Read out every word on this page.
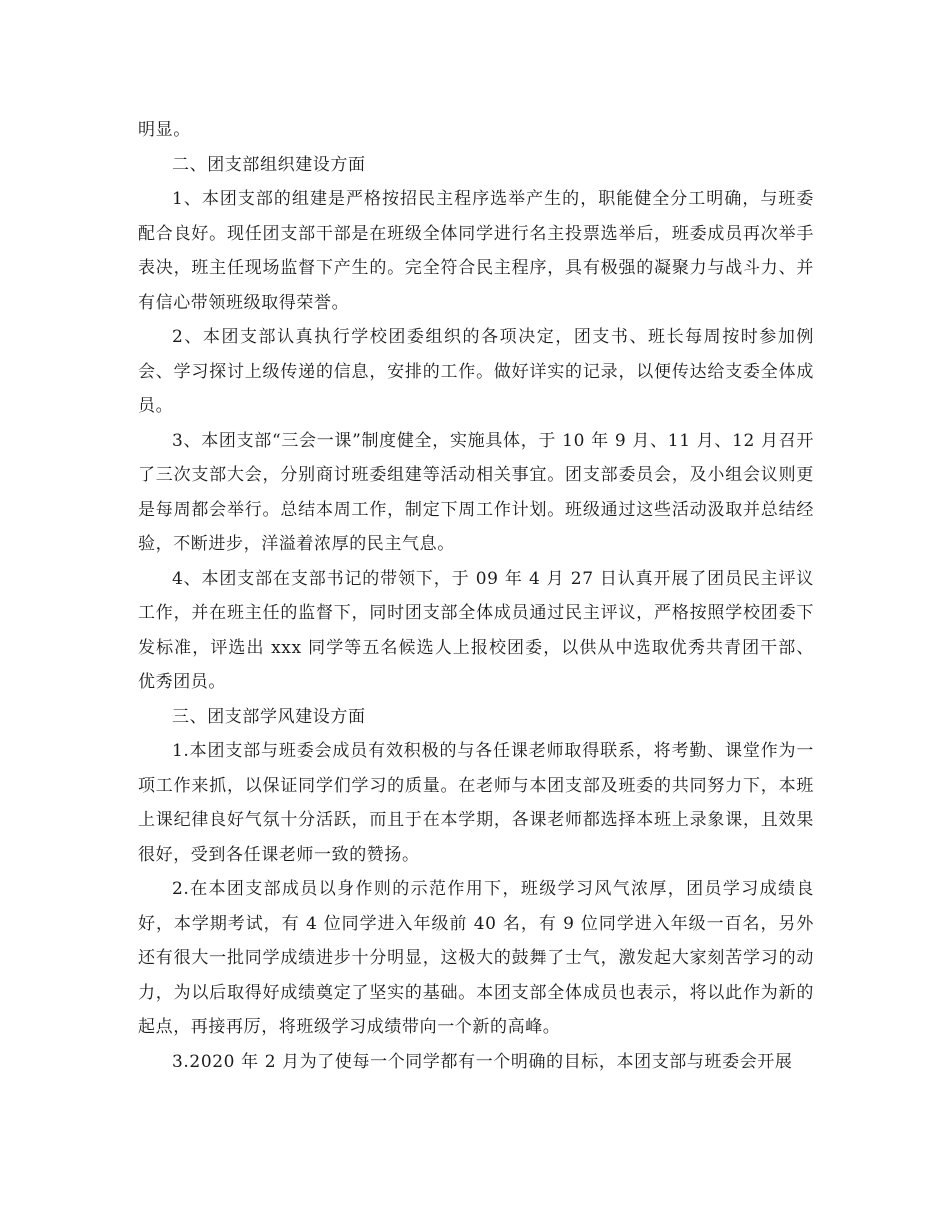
明显。

二、团支部组织建设方面

1、本团支部的组建是严格按招民主程序选举产生的，职能健全分工明确，与班委配合良好。现任团支部干部是在班级全体同学进行名主投票选举后，班委成员再次举手表决，班主任现场监督下产生的。完全符合民主程序，具有极强的凝聚力与战斗力、并有信心带领班级取得荣誉。

2、本团支部认真执行学校团委组织的各项决定，团支书、班长每周按时参加例会、学习探讨上级传递的信息，安排的工作。做好详实的记录，以便传达给支委全体成员。

3、本团支部“三会一课”制度健全，实施具体，于 10 年 9 月、11 月、12 月召开了三次支部大会，分别商讨班委组建等活动相关事宜。团支部委员会，及小组会议则更是每周都会举行。总结本周工作，制定下周工作计划。班级通过这些活动汲取并总结经验，不断进步，洋溢着浓厚的民主气息。

4、本团支部在支部书记的带领下，于 09 年 4 月 27 日认真开展了团员民主评议工作，并在班主任的监督下，同时团支部全体成员通过民主评议，严格按照学校团委下发标准，评选出 xxx 同学等五名候选人上报校团委，以供从中选取优秀共青团干部、优秀团员。

三、团支部学风建设方面

1.本团支部与班委会成员有效积极的与各任课老师取得联系，将考勤、课堂作为一项工作来抓，以保证同学们学习的质量。在老师与本团支部及班委的共同努力下，本班上课纪律良好气氛十分活跃，而且于在本学期，各课老师都选择本班上录象课，且效果很好，受到各任课老师一致的赞扬。

2.在本团支部成员以身作则的示范作用下，班级学习风气浓厚，团员学习成绩良好，本学期考试，有 4 位同学进入年级前 40 名，有 9 位同学进入年级一百名，另外还有很大一批同学成绩进步十分明显，这极大的鼓舞了士气，激发起大家刻苦学习的动力，为以后取得好成绩奠定了坚实的基础。本团支部全体成员也表示，将以此作为新的起点，再接再厉，将班级学习成绩带向一个新的高峰。

3.2020 年 2 月为了使每一个同学都有一个明确的目标，本团支部与班委会开展
